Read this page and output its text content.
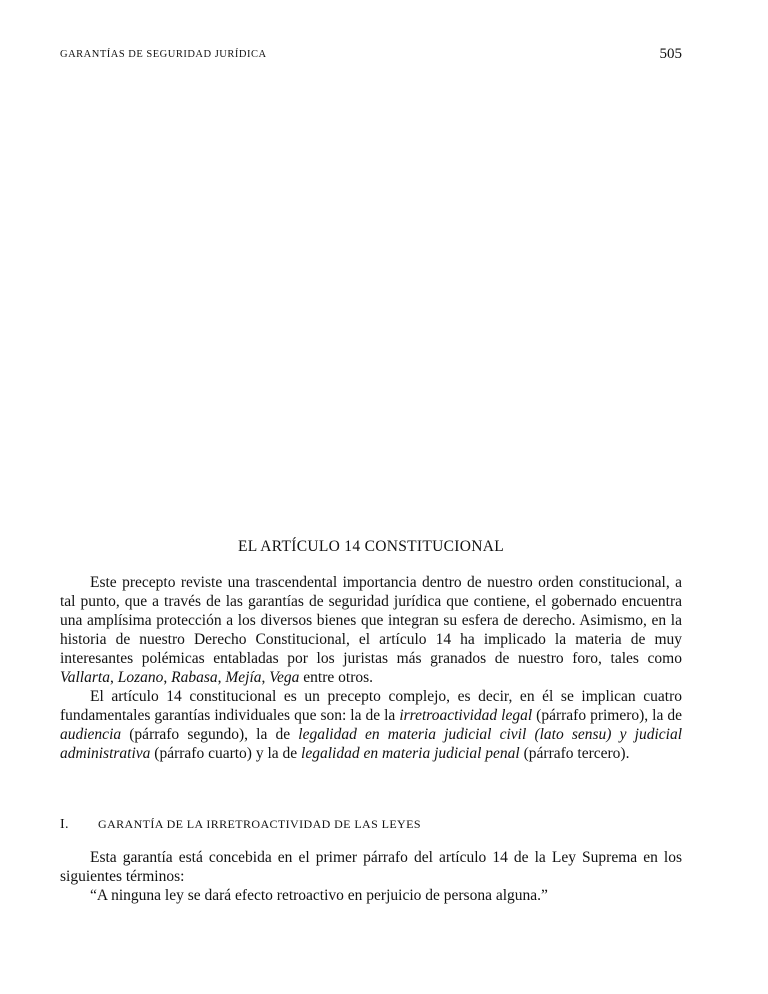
GARANTÍAS DE SEGURIDAD JURÍDICA	505
EL ARTÍCULO 14 CONSTITUCIONAL

Este precepto reviste una trascendental importancia dentro de nuestro orden constitucional, a tal punto, que a través de las garantías de seguridad jurídica que contiene, el gobernado encuentra una amplísima protección a los diversos bienes que integran su esfera de derecho. Asimismo, en la historia de nuestro Derecho Constitucional, el artículo 14 ha implicado la materia de muy interesantes polémicas entabladas por los juristas más granados de nuestro foro, tales como Vallarta, Lozano, Rabasa, Mejía, Vega entre otros.

El artículo 14 constitucional es un precepto complejo, es decir, en él se implican cuatro fundamentales garantías individuales que son: la de la irretroactividad legal (párrafo primero), la de audiencia (párrafo segundo), la de legalidad en materia judicial civil (lato sensu) y judicial administrativa (párrafo cuarto) y la de legalidad en materia judicial penal (párrafo tercero).

I. GARANTÍA DE LA IRRETROACTIVIDAD DE LAS LEYES

Esta garantía está concebida en el primer párrafo del artículo 14 de la Ley Suprema en los siguientes términos:

“A ninguna ley se dará efecto retroactivo en perjuicio de persona alguna.”
